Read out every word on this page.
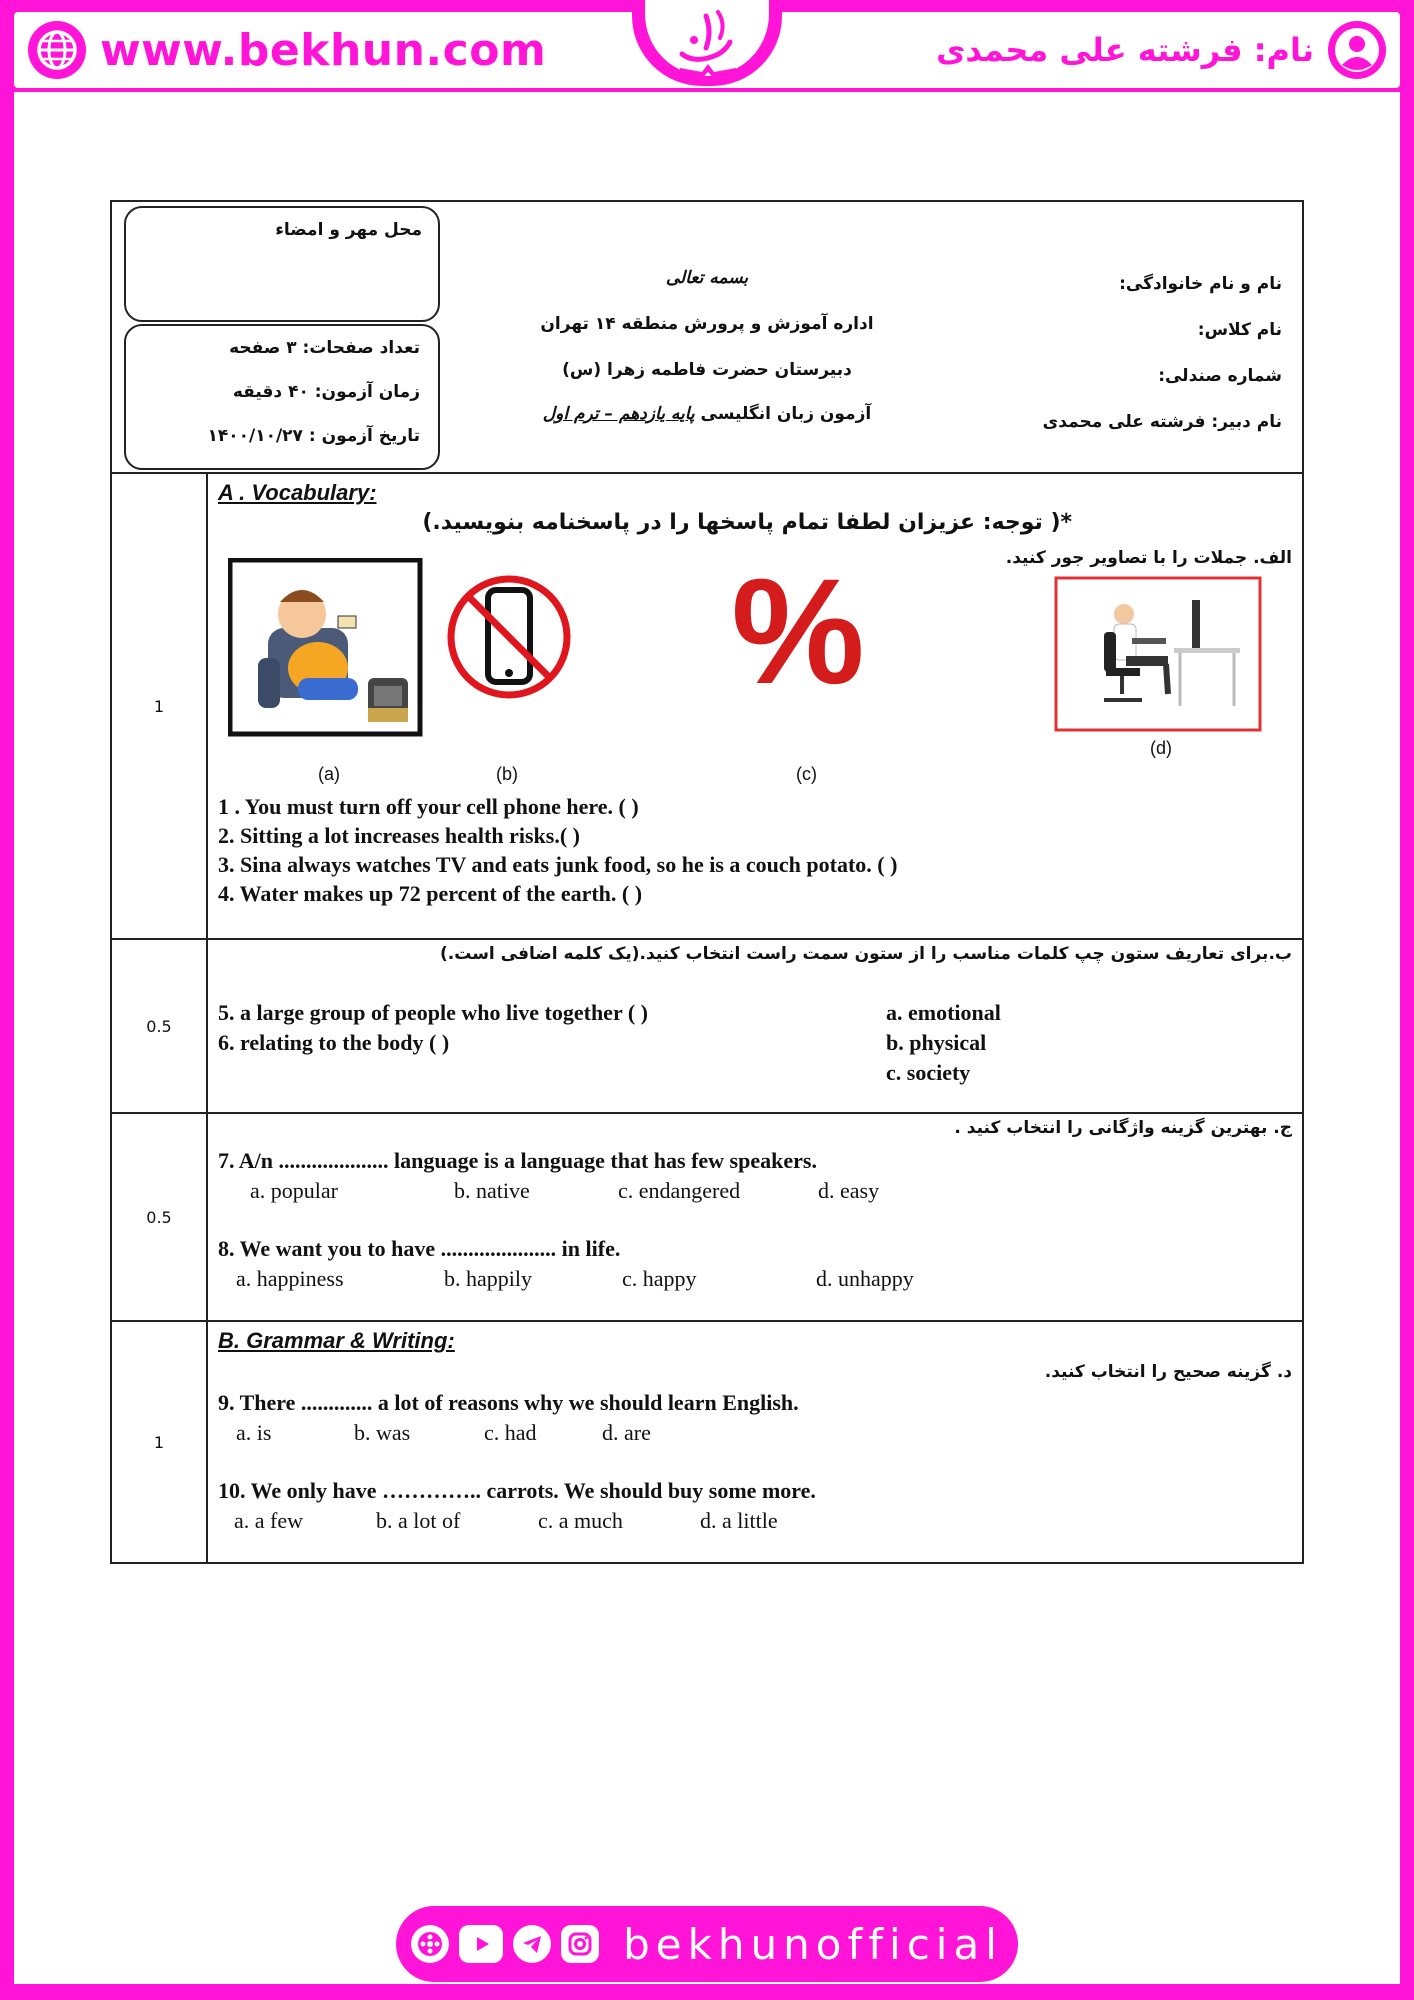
www.bekhun.com	نام: فرشته علی محمدی
محل مهر و امضاء
تعداد صفحات: ۳ صفحه
زمان آزمون: ۴۰ دقیقه
تاریخ آزمون : ۱۴۰۰/۱۰/۲۷
بسمه تعالی
اداره آموزش و پرورش منطقه ۱۴ تهران
دبیرستان حضرت فاطمه زهرا (س)
آزمون زبان انگلیسی پایه یازدهم – ترم اول
نام و نام خانوادگی:
نام کلاس:
شماره صندلی:
نام دبیر: فرشته علی محمدی
1
A . Vocabulary:
*( توجه: عزیزان لطفا تمام پاسخها را در پاسخنامه بنویسید.)
الف. جملات را با تصاویر جور کنید.
%
(a)	(b)	(c)
(d)
1 . You must turn off your cell phone here. ( )
2. Sitting a lot increases health risks.( )
3. Sina always watches TV and eats junk food, so he is a couch potato. ( )
4. Water makes up 72 percent of the earth. ( )
0.5
ب.برای تعاریف ستون چپ کلمات مناسب را از ستون سمت راست انتخاب کنید.(یک کلمه اضافی است.)
5. a large group of people who live together ( )
6. relating to the body ( )
a. emotional
b. physical
c. society
0.5
ج. بهترین گزینه واژگانی را انتخاب کنید .
7. A/n .................... language is a language that has few speakers.
a. popular	b. native	c. endangered	d. easy
8. We want you to have ..................... in life.
a. happiness	b. happily	c. happy	d. unhappy
1
B. Grammar & Writing:
د. گزینه صحیح را انتخاب کنید.
9. There ............. a lot of reasons why we should learn English.
a. is	b. was	c. had	d. are
10. We only have ………….. carrots. We should buy some more.
a. a few	b. a lot of	c. a much	d. a little
bekhunofficial
